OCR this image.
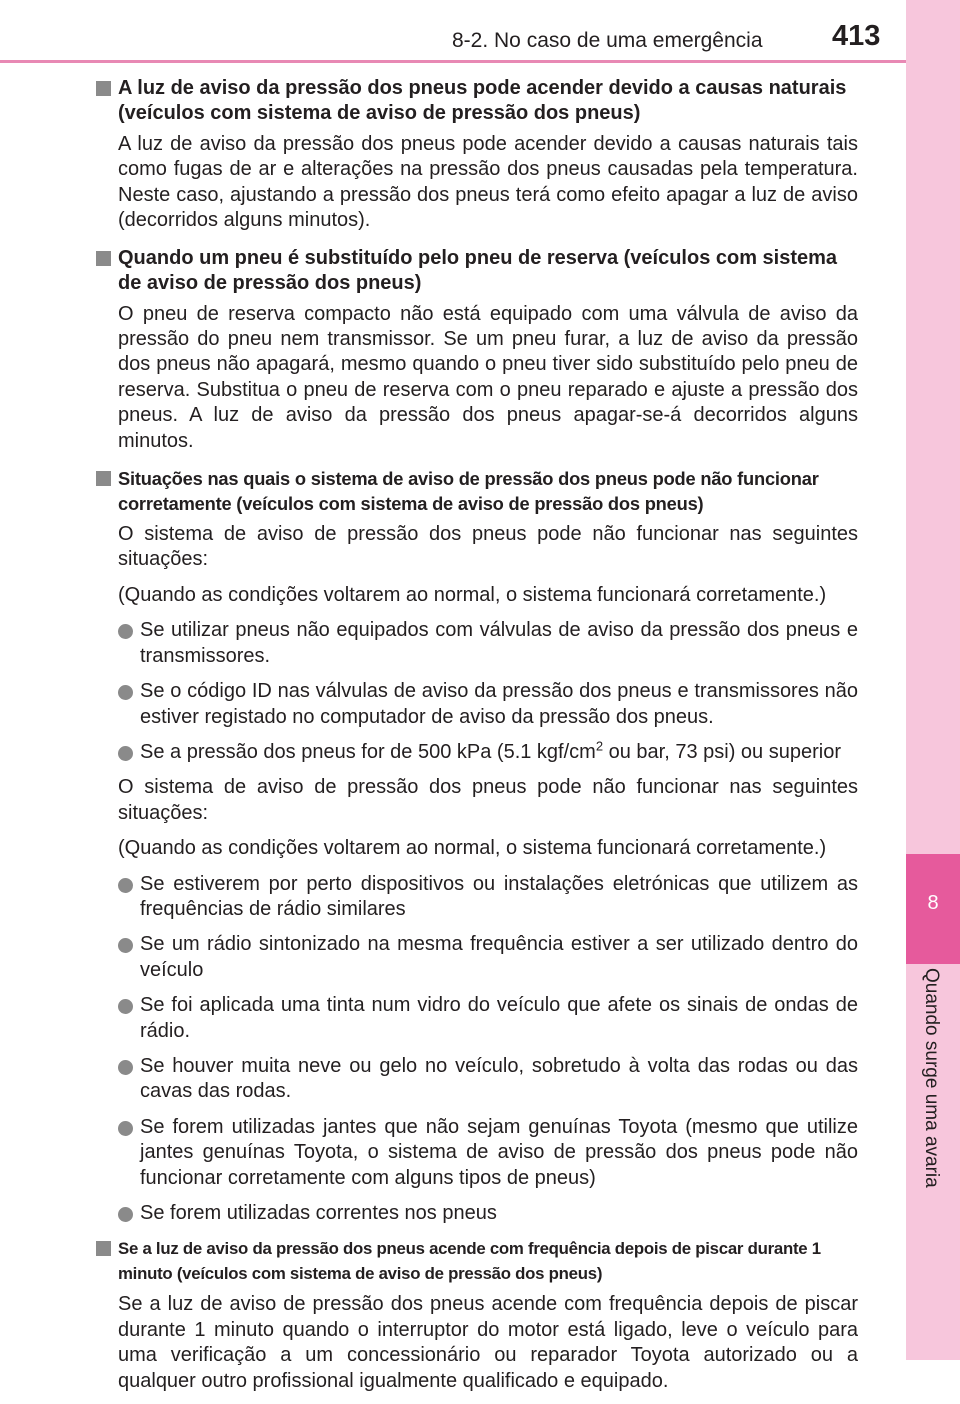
8
Quando surge uma avaria
8-2. No caso de uma emergência 413
A luz de aviso da pressão dos pneus pode acender devido a causas naturais (veículos com sistema de aviso de pressão dos pneus)

A luz de aviso da pressão dos pneus pode acender devido a causas naturais tais como fugas de ar e alterações na pressão dos pneus causadas pela temperatura. Neste caso, ajustando a pressão dos pneus terá como efeito apagar a luz de aviso (decorridos alguns minutos).

Quando um pneu é substituído pelo pneu de reserva (veículos com sistema de aviso de pressão dos pneus)

O pneu de reserva compacto não está equipado com uma válvula de aviso da pressão do pneu nem transmissor. Se um pneu furar, a luz de aviso da pressão dos pneus não apagará, mesmo quando o pneu tiver sido substituído pelo pneu de reserva. Substitua o pneu de reserva com o pneu reparado e ajuste a pressão dos pneus. A luz de aviso da pressão dos pneus apagar-se-á decorridos alguns minutos.

Situações nas quais o sistema de aviso de pressão dos pneus pode não funcionar corretamente (veículos com sistema de aviso de pressão dos pneus)

O sistema de aviso de pressão dos pneus pode não funcionar nas seguintes situações:

(Quando as condições voltarem ao normal, o sistema funcionará corretamente.)

Se utilizar pneus não equipados com válvulas de aviso da pressão dos pneus e transmissores.
Se o código ID nas válvulas de aviso da pressão dos pneus e transmissores não estiver registado no computador de aviso da pressão dos pneus.
Se a pressão dos pneus for de 500 kPa (5.1 kgf/$cm^2$ ou bar, 73 psi) ou superior

O sistema de aviso de pressão dos pneus pode não funcionar nas seguintes situações:

(Quando as condições voltarem ao normal, o sistema funcionará corretamente.)

Se estiverem por perto dispositivos ou instalações eletrónicas que utilizem as frequências de rádio similares
Se um rádio sintonizado na mesma frequência estiver a ser utilizado dentro do veículo
Se foi aplicada uma tinta num vidro do veículo que afete os sinais de ondas de rádio.
Se houver muita neve ou gelo no veículo, sobretudo à volta das rodas ou das cavas das rodas.
Se forem utilizadas jantes que não sejam genuínas Toyota (mesmo que utilize jantes genuínas Toyota, o sistema de aviso de pressão dos pneus pode não funcionar corretamente com alguns tipos de pneus)
Se forem utilizadas correntes nos pneus
Se a luz de aviso da pressão dos pneus acende com frequência depois de piscar durante 1 minuto (veículos com sistema de aviso de pressão dos pneus)

Se a luz de aviso de pressão dos pneus acende com frequência depois de piscar durante 1 minuto quando o interruptor do motor está ligado, leve o veículo para uma verificação a um concessionário ou reparador Toyota autorizado ou a qualquer outro profissional igualmente qualificado e equipado.
